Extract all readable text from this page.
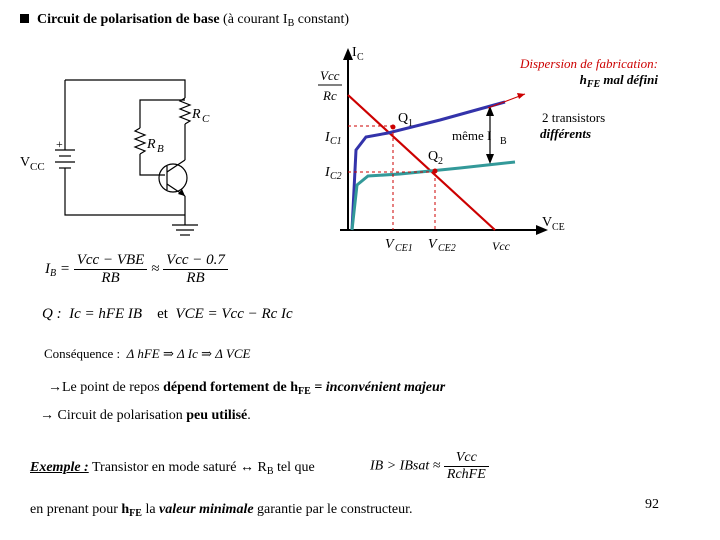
Circuit de polarisation de base (à courant $I_B$ constant)
R C
R B
V CC
+
I C
Vcc
Rc
I C1
I C2
Q 1
Q 2
même I B
V CE1 V CE2	Vcc
V CE
2 transistors
différents
Dispersion de fabrication:
$h_{FE}$ mal défini
$I_B = \frac{\text{Vcc − VBE}}{RB} \approx \frac{\text{Vcc − 0.7}}{RB}$
Q : Ic = hFE IB et VCE = Vcc − Rc Ic
Conséquence : Δ hFE ⇒ Δ Ic ⇒ Δ VCE
→Le point de repos dépend fortement de $h_{FE}$ = inconvénient majeur
→ Circuit de polarisation peu utilisé.
Exemple : Transistor en mode saturé ↔ $R_B$ tel que	IB > IBsat ≈ $\frac{\text{Vcc}}{\text{RchFE}}$
en prenant pour $h_{FE}$ la valeur minimale garantie par le constructeur.	92
